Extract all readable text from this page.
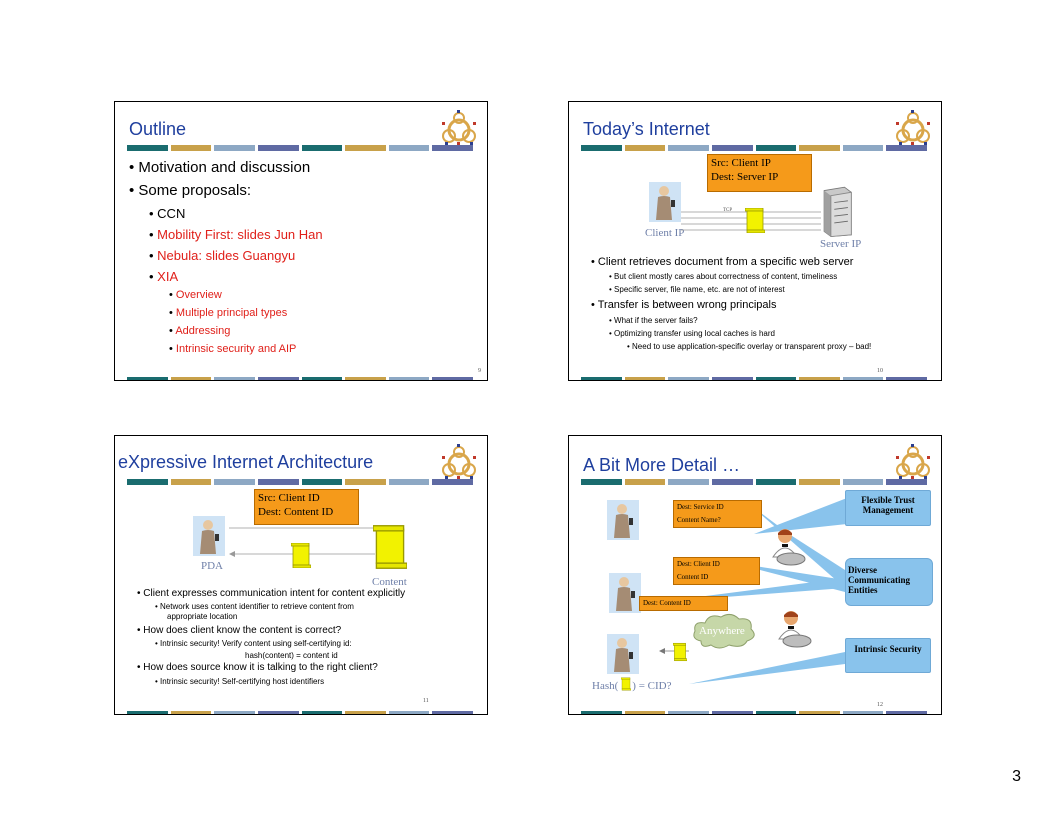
Outline
• Motivation and discussion
• Some proposals:
• CCN
• Mobility First: slides Jun Han
• Nebula: slides Guangyu
• XIA
• Overview
• Multiple principal types
• Addressing
• Intrinsic security and AIP
9
Today’s Internet
Src: Client IP
Dest: Server IP
Client IP
TCP
Server IP
• Client retrieves document from a specific web server
• But client mostly cares about correctness of content, timeliness
• Specific server, file name, etc. are not of interest
• Transfer is between wrong principals
• What if the server fails?
• Optimizing transfer using local caches is hard
• Need to use application-specific overlay or transparent proxy – bad!
10
eXpressive Internet Architecture
Src: Client ID
Dest: Content ID
PDA
Content
• Client expresses communication intent for content explicitly
• Network uses content identifier to retrieve content from
appropriate location
• How does client know the content is correct?
• Intrinsic security! Verify content using self-certifying id:
hash(content) = content id
• How does source know it is talking to the right client?
• Intrinsic security! Self-certifying host identifiers
11
A Bit More Detail …
Dest: Service ID
Content Name?
Dest: Client ID
Content ID
Dest: Content ID
Anywhere
Hash( ) = CID?
Flexible Trust Management
Diverse Communicating Entities
Intrinsic Security
12
3
